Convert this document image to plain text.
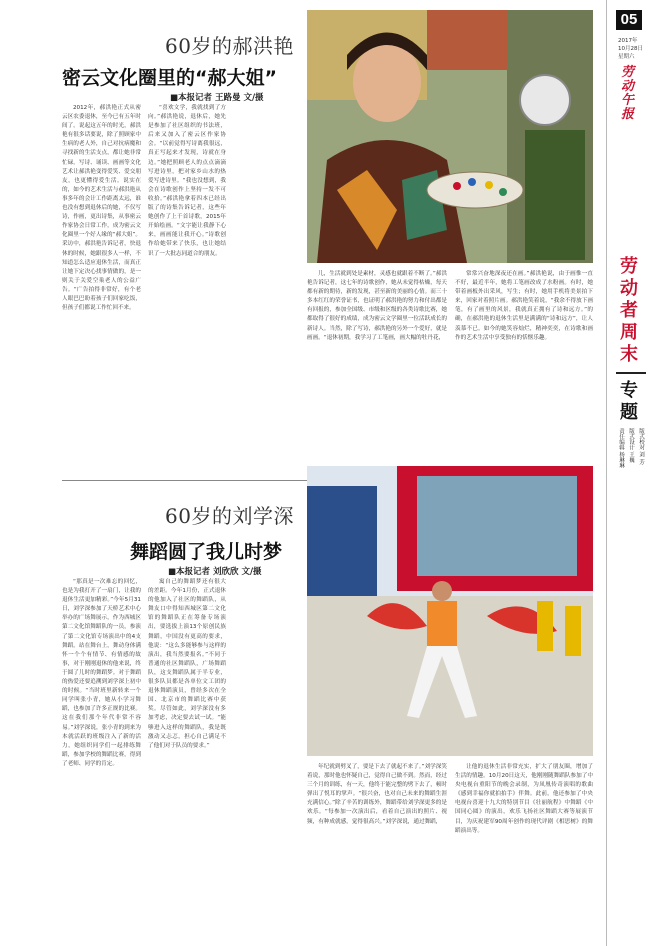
60岁的郝洪艳
密云文化圈里的“郝大姐”
■本报记者 王路曼 文/摄

2012年，郝洪艳正式从密云区农委退休，至今已有五年时间了。说起这五年的时光，郝洪艳有很多话要说，除了照顾家中生病的老人外，自己对抗病魔和寻找新的生活支点，都让她非常忙碌。写诗、诵读、画画等文化艺术让郝洪艳变得爱笑、爱交朋友，也更懂得爱生活。说实在的，如今的艺术生活与郝洪艳从事多年的会计工作距离太远，谁也没有想到退休后的她，不仅写诗，作画，更出诗集，从事密云作家协会日常工作，成为密云文化圈里一个好人缘的“郝大姐”。采访中，郝洪艳告诉记者，快退休的时候，她跟很多人一样，不知道怎么适应退休生活，而真正让她下定决心找事情做的，是一则关于关爱空巢老人的公益广告。“广告拍得非常好，有个老人眼巴巴盼着孩子们回家吃饭，但孩子们都说工作忙回不来。

“喜欢文学，我就找到了方向。”郝洪艳说，退休后，她先是参加了社区组织的书法班，后来又加入了密云区作家协会。“以前觉得写诗离我很远，真正写起来才发现，诗就在身边。”她把照顾老人的点点滴滴写进诗里，把对家乡山水的热爱写进诗里。“我也没想到，我会在诗歌创作上坚持一发不可收拾。”郝洪艳拿着四本已经出版了的诗集告诉记者，这些年她创作了上千首诗歌，2015年开始绘画。“文字能让我静下心来，画画能让我开心。”诗歌创作给她带来了快乐，也让她结识了一大批志同道合的朋友。

儿，生活就到处是素材，灵感也就跟着不断了。”郝洪艳告诉记者，这七年的诗歌创作，她从未觉得枯燥，每天都有新的期待，新的发现，甚至新的美丽的心情。而三十多本红红的荣誉证书，也证明了郝洪艳的努力和付出都是有回报的，参加全国级、市级和区级的各类诗歌比赛，她都取得了很好的成绩，成为密云文学圈里一位活跃成长的新诗人。当然，除了写诗，郝洪艳的另外一个爱好，就是画画。“退休初期，我学习了工笔画，画大幅的牡丹花，

常常兴奋地深夜还在画。”郝洪艳说，由于画惟一直不好，最近半年，她将工笔画改成了水粉画。有时，她带着画板外出采风，写生；有时，她用手机将美景拍下来，回家对着照片画。郝洪艳笑着说，“我余不得放下画笔，有了画里的风景，我就真正拥有了诗和远方。”的确，在郝洪艳的退休生活里是满满的“诗和远方”，让人羡慕不已。如今的她笑容灿烂，精神奕奕，在诗歌和画作的艺术生活中享受独有的恬惬乐趣。

60岁的刘学深
舞蹈圆了我儿时梦
■本报记者 刘欣欣 文/摄

“那真是一次难忘的回忆，也是为我打开了一扇门，让我的退休生活更加精彩。”今年5月31日，刘学深参加了天桥艺术中心举办的广场舞展示，作为西城区第二文化馆舞蹈队的一员，参演了第二文化馆专场演出中的4支舞蹈。站在舞台上，舞动身体满怀一个个有情节、有情感的故事，对于刚刚退休的他来说，终于圆了儿时的舞蹈梦。对于舞蹈的热爱还要追溯到刘学深上初中的时候。“当时班里新转来一个同学叫张小青，她从小学习舞蹈，也参加了许多正规的比赛。这在我们那个年代非常不容易。”刘学深说，张小青的到来为本就活跃的班级注入了新的活力，她组织同学们一起排练舞蹈，参加学校的舞蹈比赛，得到了老师、同学的肯定。

寓自己的舞蹈梦还有很大的差距。今年1月份，正式退休的他加入了社区的舞蹈队，从舞友口中得知西城区第二文化馆的舞蹈队正在筹备专场演出，要选拔上演13个原创民族舞蹈，中国没有更高的要求，他说：“这么多能够参与这样的演出，我当然要报名。”不同于普通的社区舞蹈队，广场舞蹈队，这支舞蹈队属于半专业，很多队员都是各单位文工团的退休舞蹈演员，曾经多次在全国、北京市的舞蹈比赛中获奖。尽管如此，刘学深没有多加考虑，决定要去试一试。“能够进入这样的舞蹈队，我是既激动又忐忑，担心自己满足不了他们对于队员的要求。”

年纪就到劈叉了，要是下去了就起不来了。”刘学深笑着说，那时他也怀疑自己，觉得自己做不到。然而，经过三个月的训练，有一天，他终于能完整的劈下去了，顿时弹出了悦耳的掌声。“很兴奋，也对自己未来的舞蹈生涯充满信心。”除了辛苦的训练外，舞蹈带给刘学深更多的是欢乐。“每参加一次演出后，看着自己演出的照片、视频，有种成就感，觉得很高兴。”刘学深说，通过舞蹈，

让他的退休生活非常充实，扩大了朋友圈，增加了生活的情趣。10月20日这天，他刚刚随舞蹈队参加了中央电视台重阳节的晚会录制，为凤凰传奇演唱的歌曲《感到幸福你就拍拍手》伴舞。此前，他还参加了中央电视台喜迎十九大的特别节目《壮丽航程》中舞蹈《中国同心圆》的演出，欢乐飞扬社区舞蹈大赛等展演节目，为庆祝建军90周年创作的现代评剧《相思树》的舞蹈演出等。

05
2017年
10月28日
星期六
劳动午报
劳动者周末
专题
责任编辑 杨琳琳 版式设计 王巍 版式校对 刘 芳
